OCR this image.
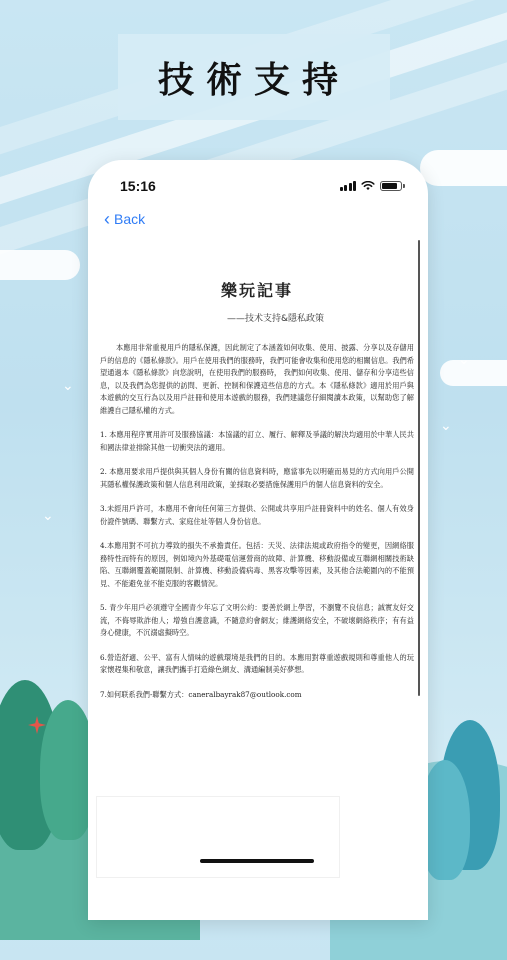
⌄
⌄
⌄
⌄
技術支持
15:16
‹ Back
樂玩記事
——技术支持&隱私政策

本應用非常重視用戶的隱私保護，因此制定了本涵蓋如何收集、使用、披露、分享以及存儲用戶的信息的《隱私條款》。用戶在使用我們的服務時，我們可能會收集和使用您的相關信息。我們希望通過本《隱私條款》向您說明，在使用我們的服務時， 我們如何收集、使用、儲存和分享這些信息，以及我們為您提供的訪問、更新、控制和保護這些信息的方式。本《隱私條款》適用於用戶與本遊戲的交互行為以及用戶註冊和使用本遊戲的服務，我們建議您仔細閱讀本政策，以幫助您了解維護自己隱私權的方式。

1. 本應用程序實用許可及服務協議：本協議的訂立、履行、解釋及爭議的解決均適用於中華人民共和國法律並排除其他一切衝突法的適用。

2. 本應用要求用戶提供與其個人身份有關的信息資料時，應當事先以明確而易見的方式向用戶公開其隱私權保護政策和個人信息利用政策，並採取必要措施保護用戶的個人信息資料的安全。

3.未經用戶許可，本應用不會向任何第三方提供、公開或共享用戶註冊資料中的姓名、個人有效身份證件號碼、聯繫方式、家庭住址等個人身份信息。

4.本應用對不可抗力導致的損失不承擔責任。包括：天災、法律法規或政府指令的變更，因網絡服務特性而特有的原因，例如境內外基礎電信運營商的故障、計算機、移動設備或互聯網相關技術缺陷、互聯網覆蓋範圍限制、計算機、移動設備病毒、黑客攻擊等因素，及其他合法範圍內的不能預見、不能避免並不能克服的客觀情況。

5. 青少年用戶必須遵守全國青少年忘了文明公約：要善於網上學習，不瀏覽不良信息；誠實友好交流，不侮辱欺詐他人；增強自護意識，不隨意約會網友；維護網絡安全，不破壞網絡秩序；有有益身心健康，不沉溺虛擬時空。

6.營造舒適、公平、富有人情味的遊戲環境是我們的目的。本應用對尊重遊戲規則和尊重他人的玩家懷趕集和敬意，讓我們攜手打造綠色網友、溝通編制美好夢想。

7.如何联系我們-聯繫方式：caneralbayrak87@outlook.com
